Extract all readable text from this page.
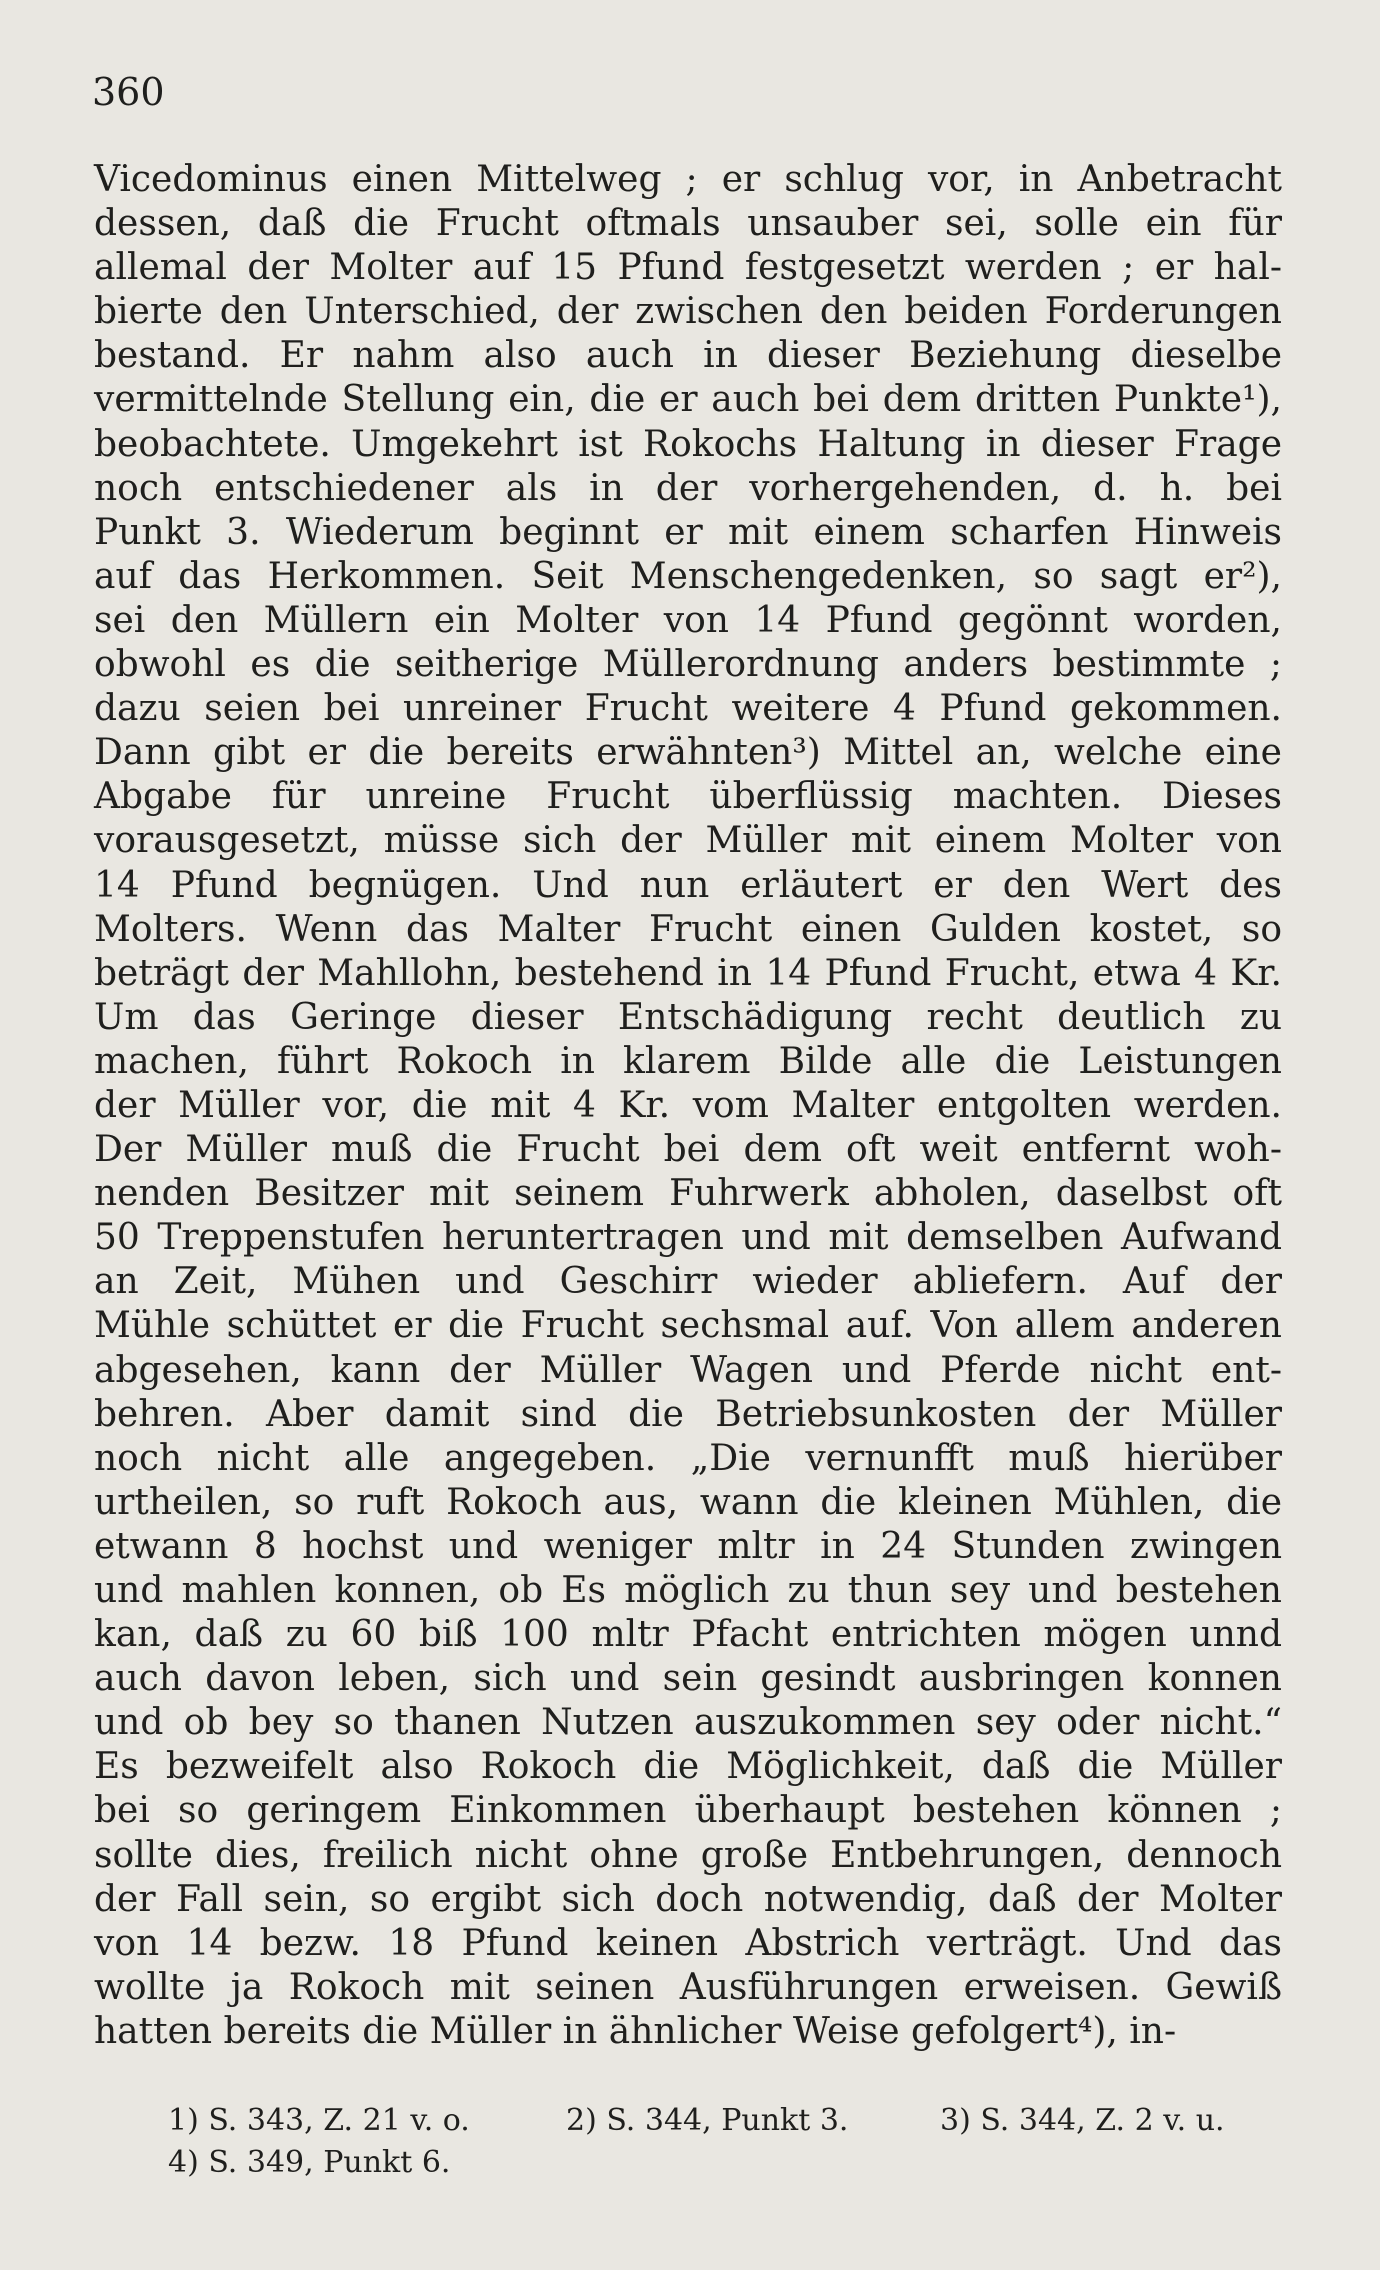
360
Vicedominus einen Mittelweg ; er schlug vor, in Anbetracht
dessen, daß die Frucht oftmals unsauber sei, solle ein für
allemal der Molter auf 15 Pfund festgesetzt werden ; er hal-
bierte den Unterschied, der zwischen den beiden Forderungen
bestand. Er nahm also auch in dieser Beziehung dieselbe
vermittelnde Stellung ein, die er auch bei dem dritten Punkte¹),
beobachtete. Umgekehrt ist Rokochs Haltung in dieser Frage
noch entschiedener als in der vorhergehenden, d. h. bei
Punkt 3. Wiederum beginnt er mit einem scharfen Hinweis
auf das Herkommen. Seit Menschengedenken, so sagt er²),
sei den Müllern ein Molter von 14 Pfund gegönnt worden,
obwohl es die seitherige Müllerordnung anders bestimmte ;
dazu seien bei unreiner Frucht weitere 4 Pfund gekommen.
Dann gibt er die bereits erwähnten³) Mittel an, welche eine
Abgabe für unreine Frucht überflüssig machten. Dieses
vorausgesetzt, müsse sich der Müller mit einem Molter von
14 Pfund begnügen. Und nun erläutert er den Wert des
Molters. Wenn das Malter Frucht einen Gulden kostet, so
beträgt der Mahllohn, bestehend in 14 Pfund Frucht, etwa 4 Kr.
Um das Geringe dieser Entschädigung recht deutlich zu
machen, führt Rokoch in klarem Bilde alle die Leistungen
der Müller vor, die mit 4 Kr. vom Malter entgolten werden.
Der Müller muß die Frucht bei dem oft weit entfernt woh-
nenden Besitzer mit seinem Fuhrwerk abholen, daselbst oft
50 Treppenstufen heruntertragen und mit demselben Aufwand
an Zeit, Mühen und Geschirr wieder abliefern. Auf der
Mühle schüttet er die Frucht sechsmal auf. Von allem anderen
abgesehen, kann der Müller Wagen und Pferde nicht ent-
behren. Aber damit sind die Betriebsunkosten der Müller
noch nicht alle angegeben. „Die vernunfft muß hierüber
urtheilen, so ruft Rokoch aus, wann die kleinen Mühlen, die
etwann 8 hochst und weniger mltr in 24 Stunden zwingen
und mahlen konnen, ob Es möglich zu thun sey und bestehen
kan, daß zu 60 biß 100 mltr Pfacht entrichten mögen unnd
auch davon leben, sich und sein gesindt ausbringen konnen
und ob bey so thanen Nutzen auszukommen sey oder nicht.“
Es bezweifelt also Rokoch die Möglichkeit, daß die Müller
bei so geringem Einkommen überhaupt bestehen können ;
sollte dies, freilich nicht ohne große Entbehrungen, dennoch
der Fall sein, so ergibt sich doch notwendig, daß der Molter
von 14 bezw. 18 Pfund keinen Abstrich verträgt. Und das
wollte ja Rokoch mit seinen Ausführungen erweisen. Gewiß
hatten bereits die Müller in ähnlicher Weise gefolgert⁴), in-
1) S. 343, Z. 21 v. o.	2) S. 344, Punkt 3.	3) S. 344, Z. 2 v. u.
4) S. 349, Punkt 6.
